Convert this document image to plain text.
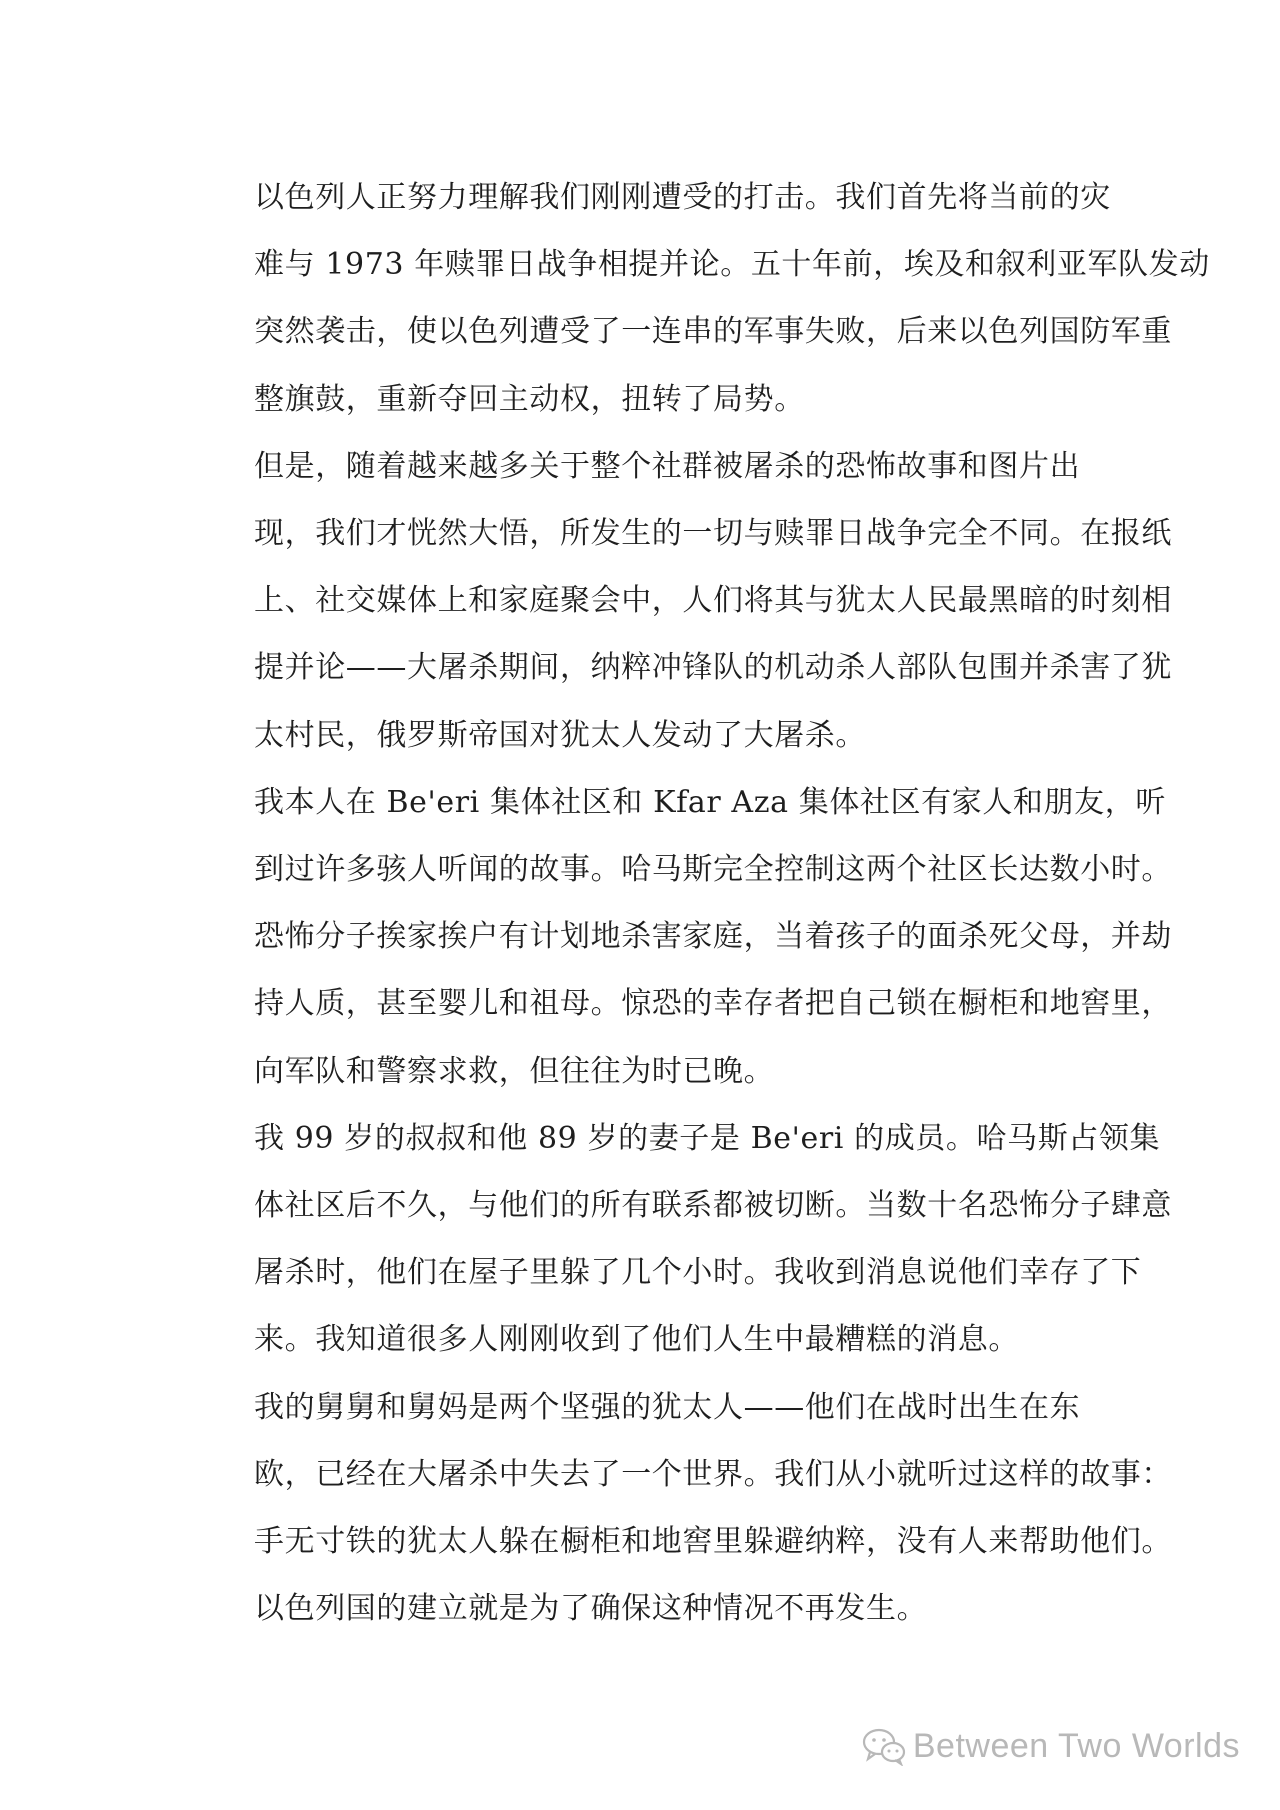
以色列人正努力理解我们刚刚遭受的打击。我们首先将当前的灾
难与 1973 年赎罪日战争相提并论。五十年前，埃及和叙利亚军队发动
突然袭击，使以色列遭受了一连串的军事失败，后来以色列国防军重
整旗鼓，重新夺回主动权，扭转了局势。

但是，随着越来越多关于整个社群被屠杀的恐怖故事和图片出
现，我们才恍然大悟，所发生的一切与赎罪日战争完全不同。在报纸
上、社交媒体上和家庭聚会中，人们将其与犹太人民最黑暗的时刻相
提并论——大屠杀期间，纳粹冲锋队的机动杀人部队包围并杀害了犹
太村民，俄罗斯帝国对犹太人发动了大屠杀。

我本人在 Be'eri 集体社区和 Kfar Aza 集体社区有家人和朋友，听
到过许多骇人听闻的故事。哈马斯完全控制这两个社区长达数小时。
恐怖分子挨家挨户有计划地杀害家庭，当着孩子的面杀死父母，并劫
持人质，甚至婴儿和祖母。惊恐的幸存者把自己锁在橱柜和地窖里，
向军队和警察求救，但往往为时已晚。

我 99 岁的叔叔和他 89 岁的妻子是 Be'eri 的成员。哈马斯占领集
体社区后不久，与他们的所有联系都被切断。当数十名恐怖分子肆意
屠杀时，他们在屋子里躲了几个小时。我收到消息说他们幸存了下
来。我知道很多人刚刚收到了他们人生中最糟糕的消息。

我的舅舅和舅妈是两个坚强的犹太人——他们在战时出生在东
欧，已经在大屠杀中失去了一个世界。我们从小就听过这样的故事：
手无寸铁的犹太人躲在橱柜和地窖里躲避纳粹，没有人来帮助他们。
以色列国的建立就是为了确保这种情况不再发生。

Between Two Worlds
